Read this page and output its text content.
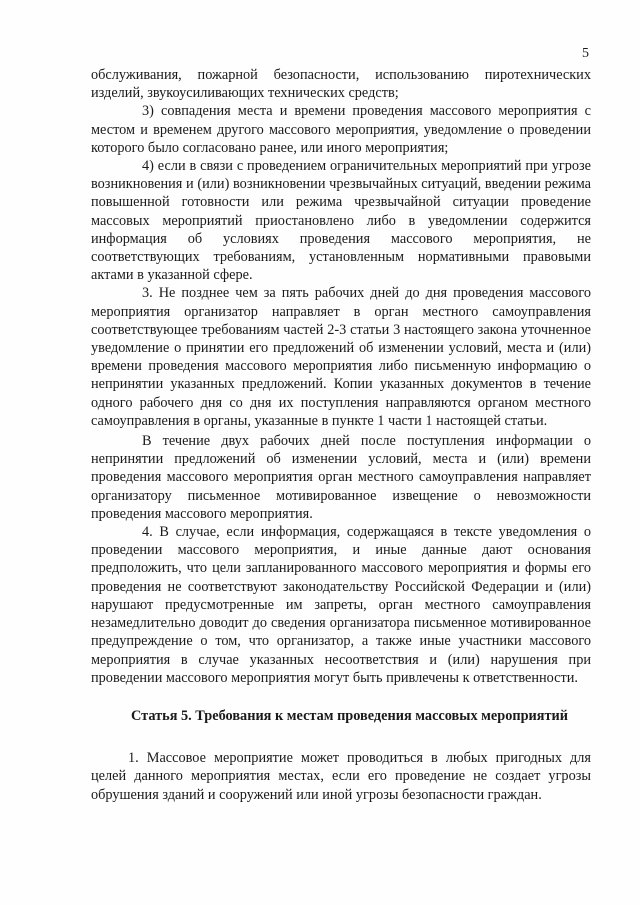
5

обслуживания, пожарной безопасности, использованию пиротехнических изделий, звукоусиливающих технических средств;

3) совпадения места и времени проведения массового мероприятия с местом и временем другого массового мероприятия, уведомление о проведении которого было согласовано ранее, или иного мероприятия;

4) если в связи с проведением ограничительных мероприятий при угрозе возникновения и (или) возникновении чрезвычайных ситуаций, введении режима повышенной готовности или режима чрезвычайной ситуации проведение массовых мероприятий приостановлено либо в уведомлении содержится информация об условиях проведения массового мероприятия, не соответствующих требованиям, установленным нормативными правовыми актами в указанной сфере.

3. Не позднее чем за пять рабочих дней до дня проведения массового мероприятия организатор направляет в орган местного самоуправления соответствующее требованиям частей 2-3 статьи 3 настоящего закона уточненное уведомление о принятии его предложений об изменении условий, места и (или) времени проведения массового мероприятия либо письменную информацию о непринятии указанных предложений. Копии указанных документов в течение одного рабочего дня со дня их поступления направляются органом местного самоуправления в органы, указанные в пункте 1 части 1 настоящей статьи.

В течение двух рабочих дней после поступления информации о непринятии предложений об изменении условий, места и (или) времени проведения массового мероприятия орган местного самоуправления направляет организатору письменное мотивированное извещение о невозможности проведения массового мероприятия.

4. В случае, если информация, содержащаяся в тексте уведомления о проведении массового мероприятия, и иные данные дают основания предположить, что цели запланированного массового мероприятия и формы его проведения не соответствуют законодательству Российской Федерации и (или) нарушают предусмотренные им запреты, орган местного самоуправления незамедлительно доводит до сведения организатора письменное мотивированное предупреждение о том, что организатор, а также иные участники массового мероприятия в случае указанных несоответствия и (или) нарушения при проведении массового мероприятия могут быть привлечены к ответственности.

Статья 5. Требования к местам проведения массовых мероприятий

1. Массовое мероприятие может проводиться в любых пригодных для целей данного мероприятия местах, если его проведение не создает угрозы обрушения зданий и сооружений или иной угрозы безопасности граждан.
